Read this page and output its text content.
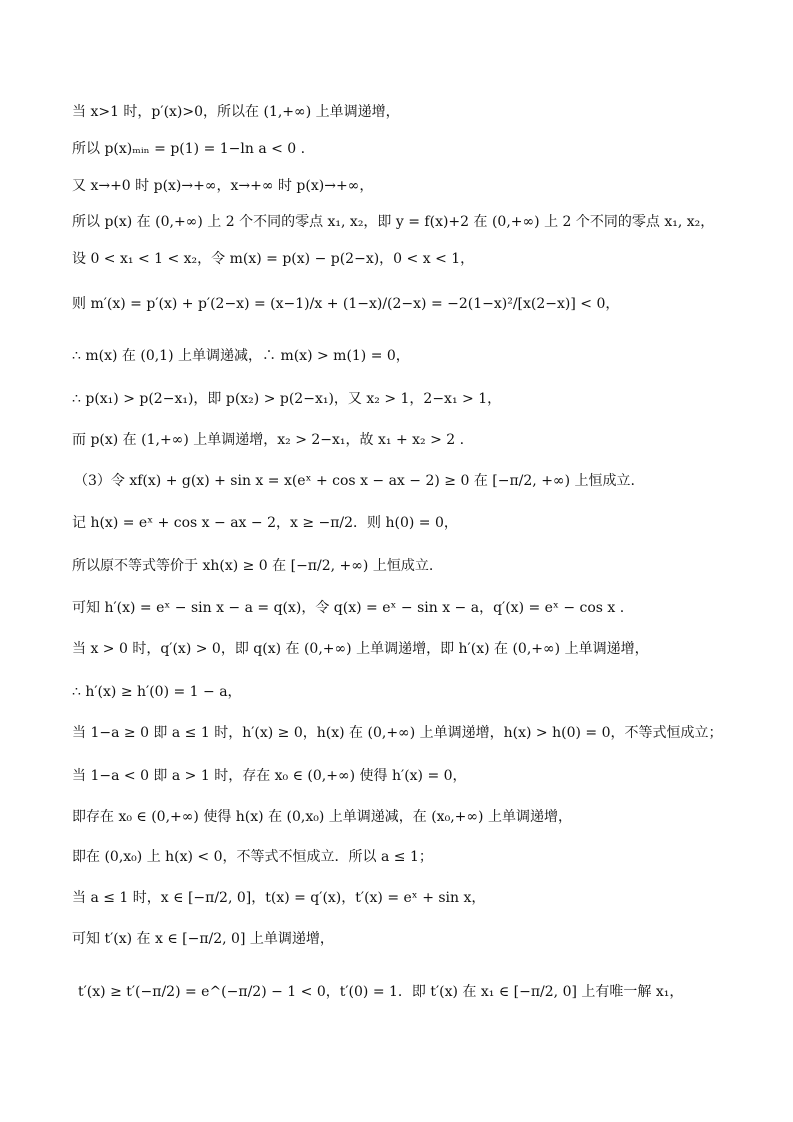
当 x>1 时，p′(x)>0，所以在 (1,+∞) 上单调递增，
所以 p(x)ₘᵢₙ = p(1) = 1−ln a < 0 .
又 x→+0 时 p(x)→+∞，x→+∞ 时 p(x)→+∞，
所以 p(x) 在 (0,+∞) 上 2 个不同的零点 x₁, x₂，即 y = f(x)+2 在 (0,+∞) 上 2 个不同的零点 x₁, x₂，
设 0 < x₁ < 1 < x₂，令 m(x) = p(x) − p(2−x)，0 < x < 1，
则 m′(x) = p′(x) + p′(2−x) = (x−1)/x + (1−x)/(2−x) = −2(1−x)²/[x(2−x)] < 0，
∴ m(x) 在 (0,1) 上单调递减，∴ m(x) > m(1) = 0，
∴ p(x₁) > p(2−x₁)，即 p(x₂) > p(2−x₁)，又 x₂ > 1，2−x₁ > 1，
而 p(x) 在 (1,+∞) 上单调递增，x₂ > 2−x₁，故 x₁ + x₂ > 2 .
（3）令 xf(x) + g(x) + sin x = x(eˣ + cos x − ax − 2) ≥ 0 在 [−π/2, +∞) 上恒成立.
记 h(x) = eˣ + cos x − ax − 2，x ≥ −π/2．则 h(0) = 0，
所以原不等式等价于 xh(x) ≥ 0 在 [−π/2, +∞) 上恒成立.
可知 h′(x) = eˣ − sin x − a = q(x)，令 q(x) = eˣ − sin x − a，q′(x) = eˣ − cos x .
当 x > 0 时，q′(x) > 0，即 q(x) 在 (0,+∞) 上单调递增，即 h′(x) 在 (0,+∞) 上单调递增，
∴ h′(x) ≥ h′(0) = 1 − a，
当 1−a ≥ 0 即 a ≤ 1 时，h′(x) ≥ 0，h(x) 在 (0,+∞) 上单调递增，h(x) > h(0) = 0，不等式恒成立；
当 1−a < 0 即 a > 1 时，存在 x₀ ∈ (0,+∞) 使得 h′(x) = 0，
即存在 x₀ ∈ (0,+∞) 使得 h(x) 在 (0,x₀) 上单调递减，在 (x₀,+∞) 上单调递增，
即在 (0,x₀) 上 h(x) < 0，不等式不恒成立．所以 a ≤ 1；
当 a ≤ 1 时，x ∈ [−π/2, 0]，t(x) = q′(x)，t′(x) = eˣ + sin x，
可知 t′(x) 在 x ∈ [−π/2, 0] 上单调递增，
t′(x) ≥ t′(−π/2) = e^(−π/2) − 1 < 0，t′(0) = 1．即 t′(x) 在 x₁ ∈ [−π/2, 0] 上有唯一解 x₁，
